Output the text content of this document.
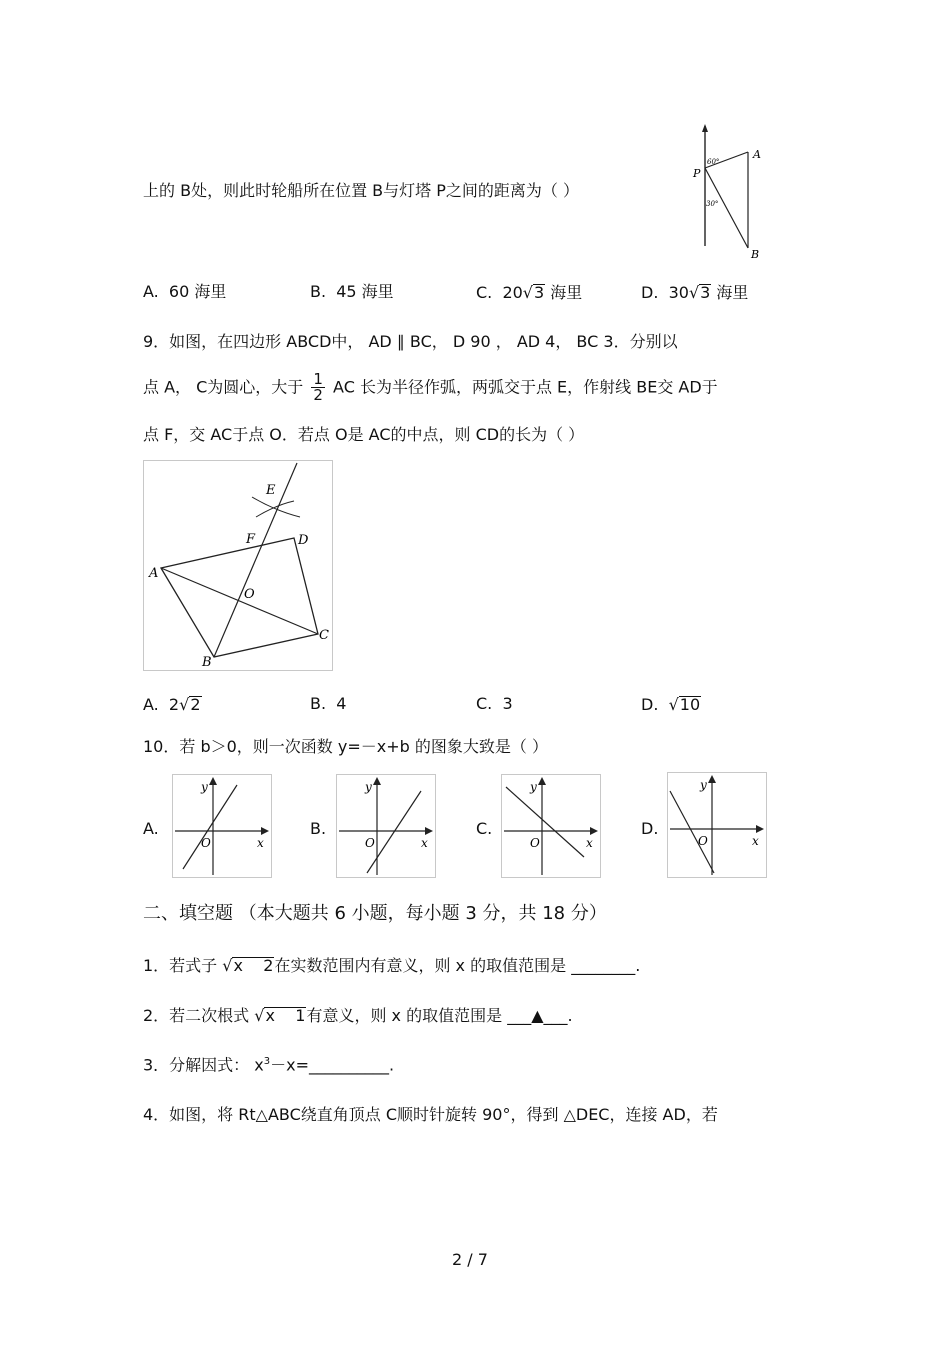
上的 B处，则此时轮船所在位置 B与灯塔 P之间的距离为（ ）
P
A
B
60°
30°
A. 60 海里	B. 45 海里	C. 20√3 海里	D. 30√3 海里
9．如图，在四边形 ABCD中， AD ∥ BC， D 90 ， AD 4， BC 3．分别以
点 A， C为圆心，大于 $\frac{1}{2}$ AC 长为半径作弧，两弧交于点 E，作射线 BE交 AD于
点 F，交 AC于点 O．若点 O是 AC的中点，则 CD的长为（ ）
A
B
C
D
E
F
O
A. 2√2	B. 4	C. 3	D. √10
10．若 b＞0，则一次函数 y=－x+b 的图象大致是（ ）
A.	B.	C.	D.
y
x
O
y
x
O
y
x
O
y
x
O
二、填空题 （本大题共 6 小题，每小题 3 分，共 18 分）
1．若式子 √x    2在实数范围内有意义，则 x 的取值范围是 ________.
2．若二次根式 √x    1有意义，则 x 的取值范围是 ___▲___.
3．分解因式： $x^3-x=\_\_\_\_\_\_\_\_\_\_$.
4．如图，将 Rt△ABC绕直角顶点 C顺时针旋转 90°，得到 △DEC，连接 AD，若
2 / 7
